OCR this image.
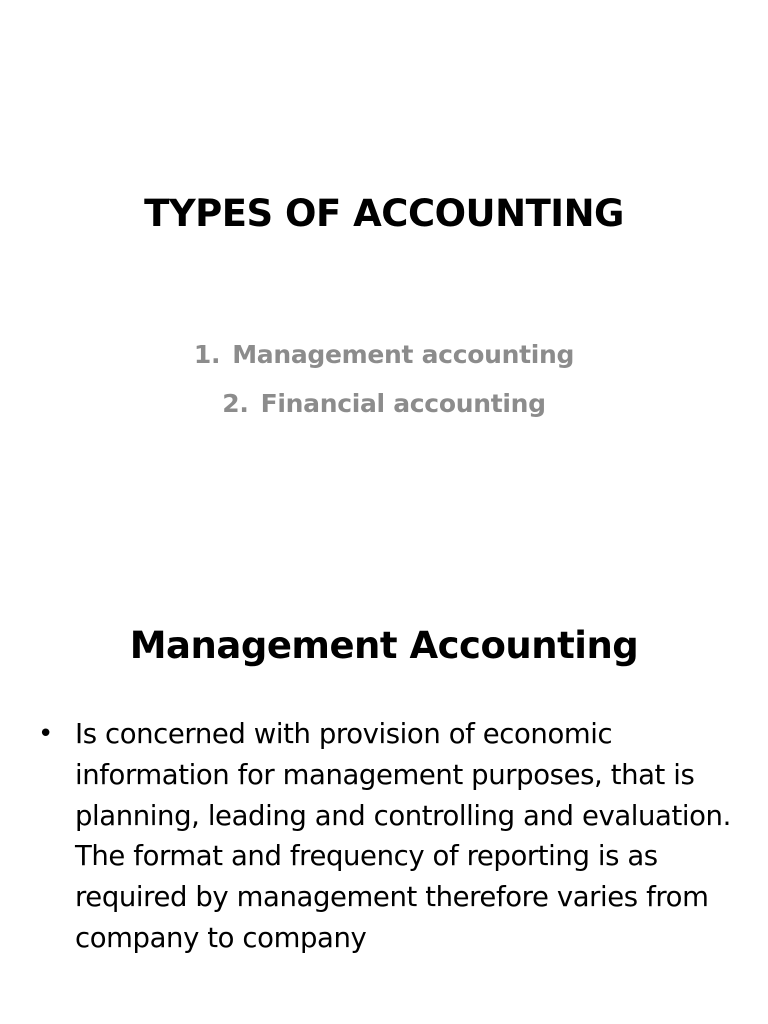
TYPES OF ACCOUNTING
1. Management accounting
2. Financial accounting
Management Accounting
• Is concerned with provision of economic information for management purposes, that is planning, leading and controlling and evaluation. The format and frequency of reporting is as required by management therefore varies from company to company
